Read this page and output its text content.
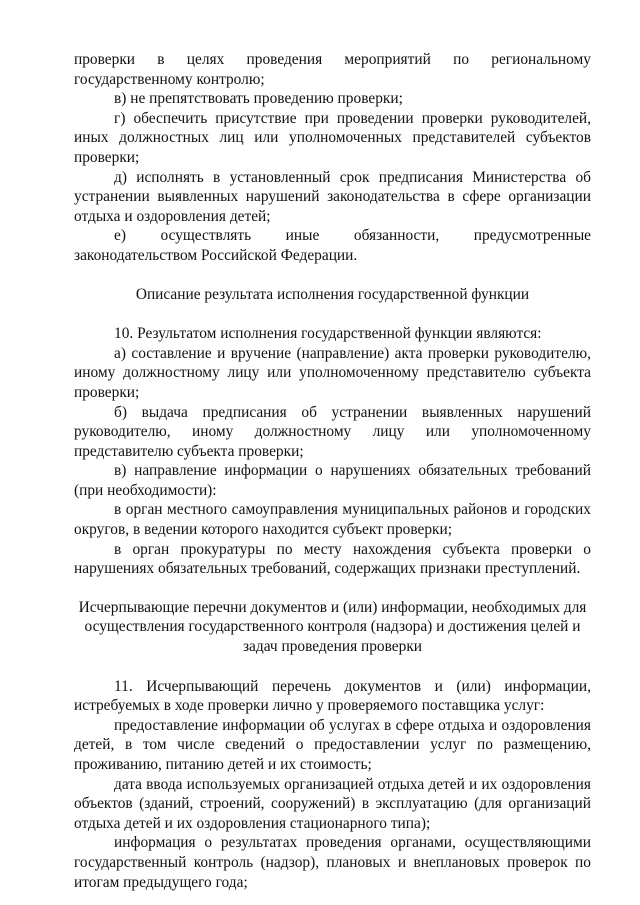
проверки в целях проведения мероприятий по региональному государственному контролю;

в) не препятствовать проведению проверки;

г) обеспечить присутствие при проведении проверки руководителей, иных должностных лиц или уполномоченных представителей субъектов проверки;

д) исполнять в установленный срок предписания Министерства об устранении выявленных нарушений законодательства в сфере организации отдыха и оздоровления детей;

е) осуществлять иные обязанности, предусмотренные законодательством Российской Федерации.

Описание результата исполнения государственной функции

10. Результатом исполнения государственной функции являются:

а) составление и вручение (направление) акта проверки руководителю, иному должностному лицу или уполномоченному представителю субъекта проверки;

б) выдача предписания об устранении выявленных нарушений руководителю, иному должностному лицу или уполномоченному представителю субъекта проверки;

в) направление информации о нарушениях обязательных требований (при необходимости):

в орган местного самоуправления муниципальных районов и городских округов, в ведении которого находится субъект проверки;

в орган прокуратуры по месту нахождения субъекта проверки о нарушениях обязательных требований, содержащих признаки преступлений.

Исчерпывающие перечни документов и (или) информации, необходимых для

осуществления государственного контроля (надзора) и достижения целей и

задач проведения проверки

11. Исчерпывающий перечень документов и (или) информации, истребуемых в ходе проверки лично у проверяемого поставщика услуг:

предоставление информации об услугах в сфере отдыха и оздоровления детей, в том числе сведений о предоставлении услуг по размещению, проживанию, питанию детей и их стоимость;

дата ввода используемых организацией отдыха детей и их оздоровления объектов (зданий, строений, сооружений) в эксплуатацию (для организаций отдыха детей и их оздоровления стационарного типа);

информация о результатах проведения органами, осуществляющими государственный контроль (надзор), плановых и внеплановых проверок по итогам предыдущего года;
